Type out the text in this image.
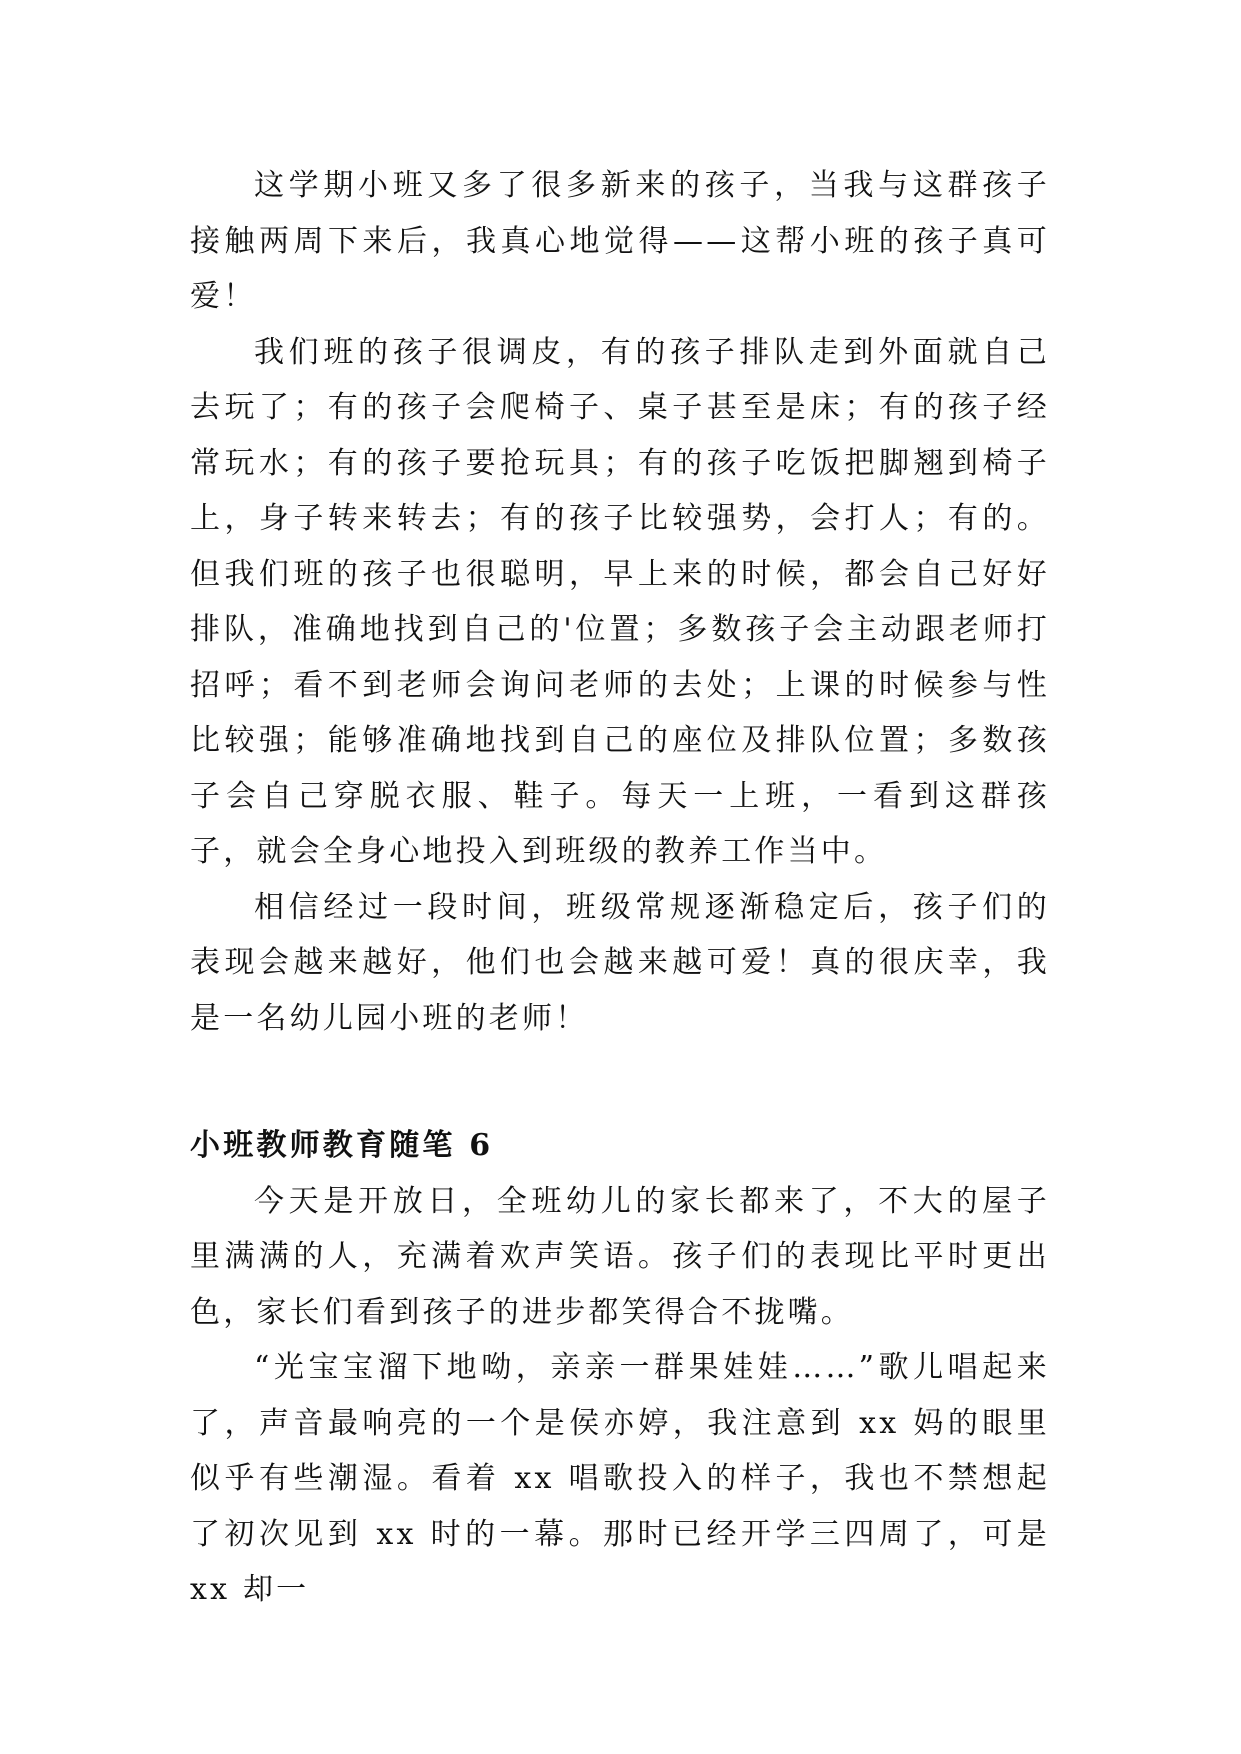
这学期小班又多了很多新来的孩子，当我与这群孩子接触两周下来后，我真心地觉得——这帮小班的孩子真可爱！

我们班的孩子很调皮，有的孩子排队走到外面就自己去玩了；有的孩子会爬椅子、桌子甚至是床；有的孩子经常玩水；有的孩子要抢玩具；有的孩子吃饭把脚翘到椅子上，身子转来转去；有的孩子比较强势，会打人；有的。但我们班的孩子也很聪明，早上来的时候，都会自己好好排队，准确地找到自己的'位置；多数孩子会主动跟老师打招呼；看不到老师会询问老师的去处；上课的时候参与性比较强；能够准确地找到自己的座位及排队位置；多数孩子会自己穿脱衣服、鞋子。每天一上班，一看到这群孩子，就会全身心地投入到班级的教养工作当中。

相信经过一段时间，班级常规逐渐稳定后，孩子们的表现会越来越好，他们也会越来越可爱！真的很庆幸，我是一名幼儿园小班的老师！

小班教师教育随笔 6

今天是开放日，全班幼儿的家长都来了，不大的屋子里满满的人，充满着欢声笑语。孩子们的表现比平时更出色，家长们看到孩子的进步都笑得合不拢嘴。

“光宝宝溜下地呦，亲亲一群果娃娃……”歌儿唱起来了，声音最响亮的一个是侯亦婷，我注意到 xx 妈的眼里似乎有些潮湿。看着 xx 唱歌投入的样子，我也不禁想起了初次见到 xx 时的一幕。那时已经开学三四周了，可是 xx 却一
